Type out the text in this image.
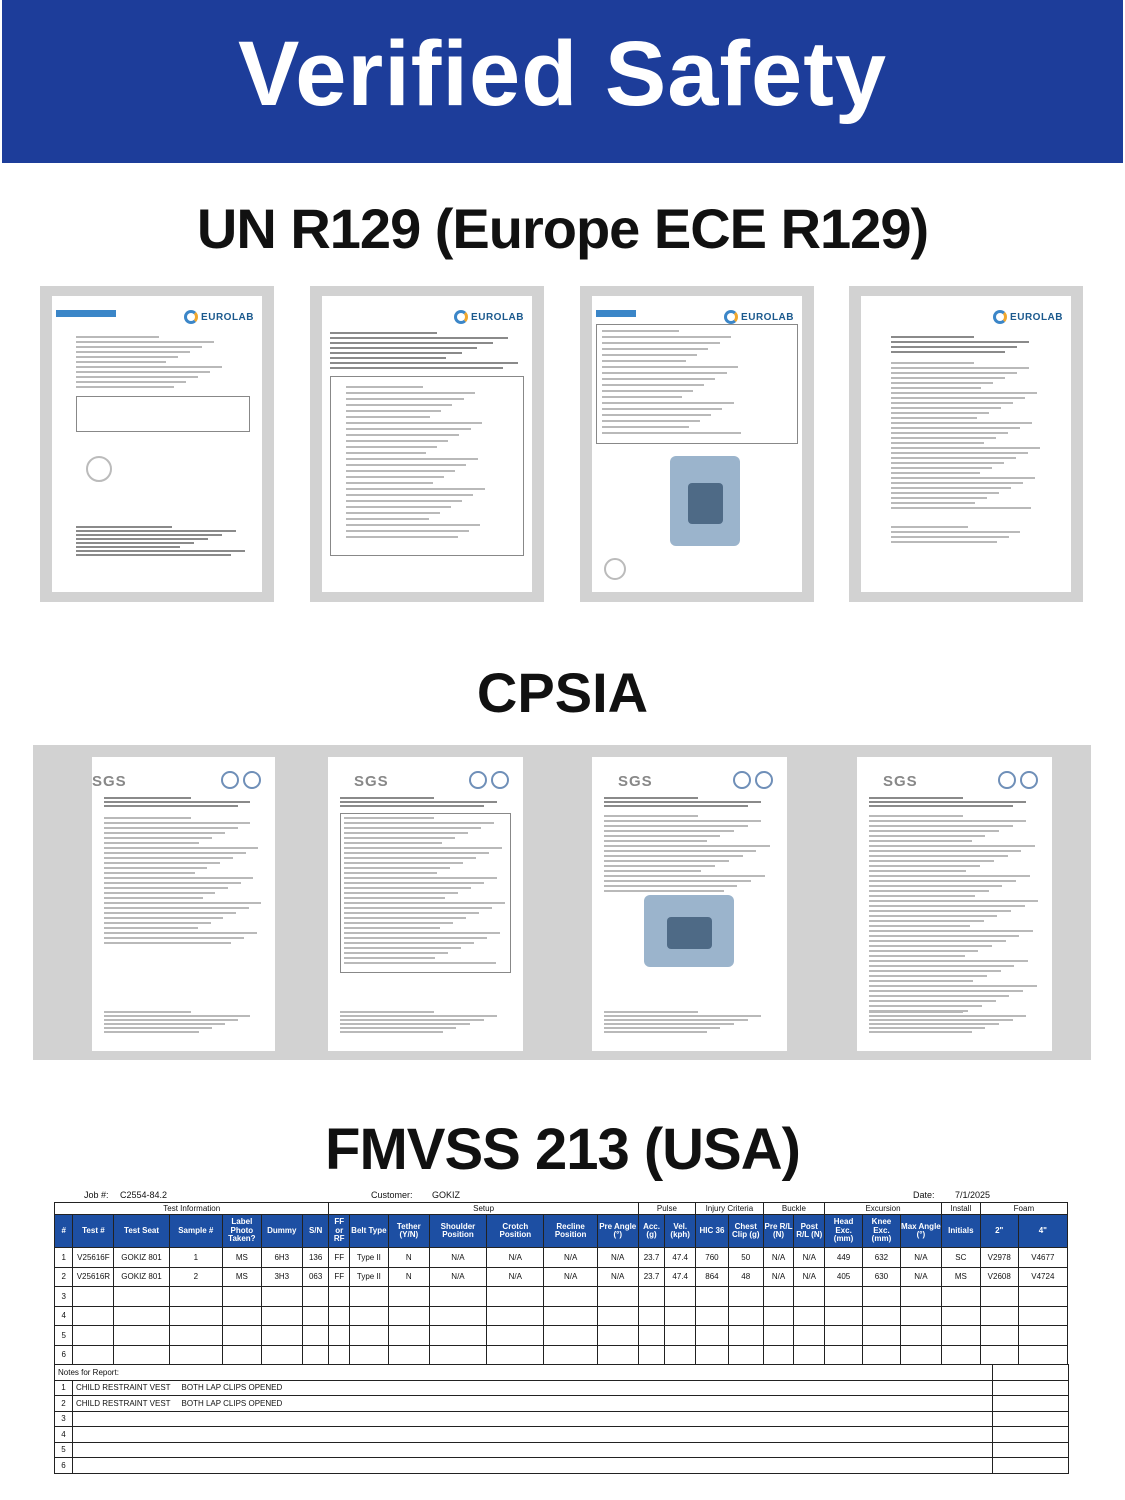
Verified Safety
UN R129 (Europe ECE R129)
CPSIA
FMVSS 213 (USA)
EUROLAB	EUROLAB	EUROLAB	EUROLAB
SGS	SGS	SGS	SGS
Job #: C2554-84.2	Customer: GOKIZ	Date: 7/1/2025
Test Information							Setup							Pulse		Injury Criteria		Buckle		Excursion			Install	Foam	
#	Test #	Test Seat	Sample #	Label Photo Taken?	Dummy	S/N	FF or RF	Belt Type	Tether (Y/N)	Shoulder Position	Crotch Position	Recline Position	Pre Angle (°)	Acc. (g)	Vel. (kph)	HIC 36	Chest Clip (g)	Pre R/L (N)	Post R/L (N)	Head Exc. (mm)	Knee Exc. (mm)	Max Angle (°)	Initials	2"	4"
1	V25616F	GOKIZ 801	1	MS	6H3	136	FF	Type II	N	N/A	N/A	N/A	N/A	23.7	47.4	760	50	N/A	N/A	449	632	N/A	SC	V2978	V4677
2	V25616R	GOKIZ 801	2	MS	3H3	063	FF	Type II	N	N/A	N/A	N/A	N/A	23.7	47.4	864	48	N/A	N/A	405	630	N/A	MS	V2608	V4724
3																									
4																									
5																									
6																									
Notes for Report:		
1	CHILD RESTRAINT VEST     BOTH LAP CLIPS OPENED	
2	CHILD RESTRAINT VEST     BOTH LAP CLIPS OPENED	
3		
4		
5		
6		
